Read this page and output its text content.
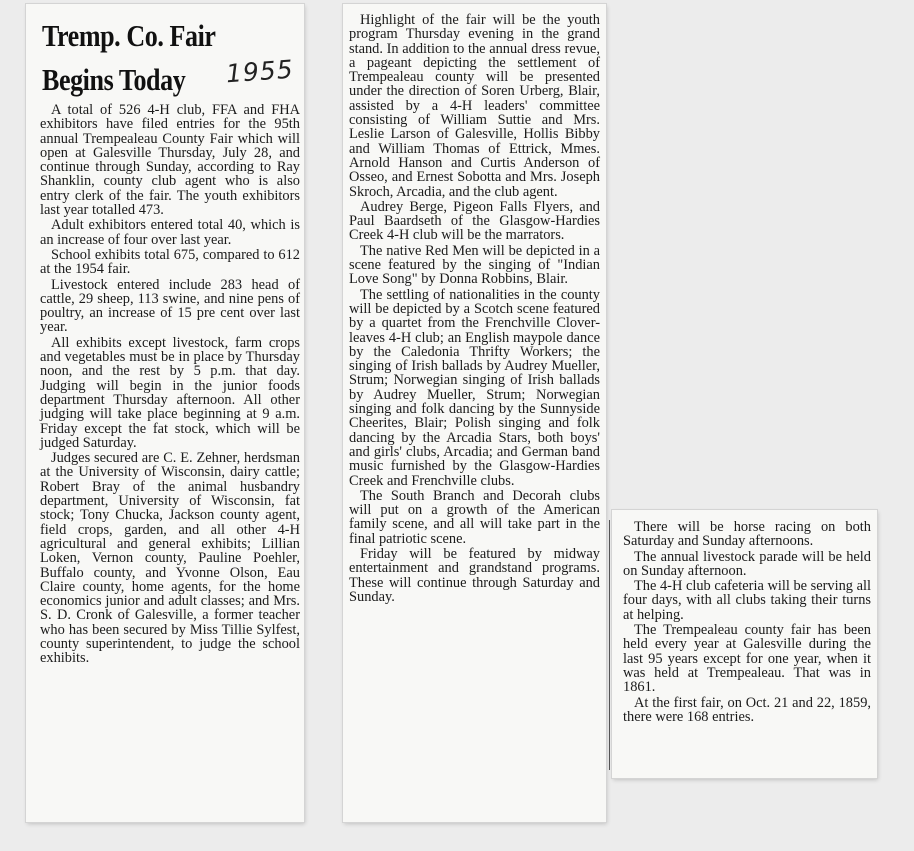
Tremp. Co. Fair
Begins Today	1955

A total of 526 4-H club, FFA and FHA exhibitors have filed entries for the 95th annual Trempealeau County Fair which will open at Galesville Thursday, July 28, and continue through Sunday, according to Ray Shanklin, county club agent who is also entry clerk of the fair. The youth exhibitors last year totalled 473.

Adult exhibitors entered total 40, which is an increase of four over last year.

School exhibits total 675, compared to 612 at the 1954 fair.

Livestock entered include 283 head of cattle, 29 sheep, 113 swine, and nine pens of poultry, an increase of 15 pre cent over last year.

All exhibits except livestock, farm crops and vegetables must be in place by Thursday noon, and the rest by 5 p.m. that day. Judging will begin in the junior foods department Thursday afternoon. All other judging will take place beginning at 9 a.m. Friday except the fat stock, which will be judged Saturday.

Judges secured are C. E. Zehner, herdsman at the University of Wisconsin, dairy cattle; Robert Bray of the animal husbandry department, University of Wisconsin, fat stock; Tony Chucka, Jackson county agent, field crops, garden, and all other 4-H agricultural and general exhibits; Lillian Loken, Vernon county, Pauline Poehler, Buffalo county, and Yvonne Olson, Eau Claire county, home agents, for the home economics junior and adult classes; and Mrs. S. D. Cronk of Galesville, a former teacher who has been secured by Miss Tillie Sylfest, county superintendent, to judge the school exhibits.

Highlight of the fair will be the youth program Thursday evening in the grand stand. In addition to the annual dress revue, a pageant depicting the settlement of Trempealeau county will be presented under the direction of Soren Urberg, Blair, assisted by a 4-H leaders' committee consisting of William Suttie and Mrs. Leslie Larson of Galesville, Hollis Bibby and William Thomas of Ettrick, Mmes. Arnold Hanson and Curtis Anderson of Osseo, and Ernest Sobotta and Mrs. Joseph Skroch, Arcadia, and the club agent.

Audrey Berge, Pigeon Falls Flyers, and Paul Baardseth of the Glasgow-Hardies Creek 4-H club will be the marrators.

The native Red Men will be depicted in a scene featured by the singing of "Indian Love Song" by Donna Robbins, Blair.

The settling of nationalities in the county will be depicted by a Scotch scene featured by a quartet from the Frenchville Clover-leaves 4-H club; an English maypole dance by the Caledonia Thrifty Workers; the singing of Irish ballads by Audrey Mueller, Strum; Norwegian singing of Irish ballads by Audrey Mueller, Strum; Norwegian singing and folk dancing by the Sunnyside Cheerites, Blair; Polish singing and folk dancing by the Arcadia Stars, both boys' and girls' clubs, Arcadia; and German band music furnished by the Glasgow-Hardies Creek and Frenchville clubs.

The South Branch and Decorah clubs will put on a growth of the American family scene, and all will take part in the final patriotic scene.

Friday will be featured by midway entertainment and grandstand programs. These will continue through Saturday and Sunday.

There will be horse racing on both Saturday and Sunday afternoons.

The annual livestock parade will be held on Sunday afternoon.

The 4-H club cafeteria will be serving all four days, with all clubs taking their turns at helping.

The Trempealeau county fair has been held every year at Galesville during the last 95 years except for one year, when it was held at Trempealeau. That was in 1861.

At the first fair, on Oct. 21 and 22, 1859, there were 168 entries.
